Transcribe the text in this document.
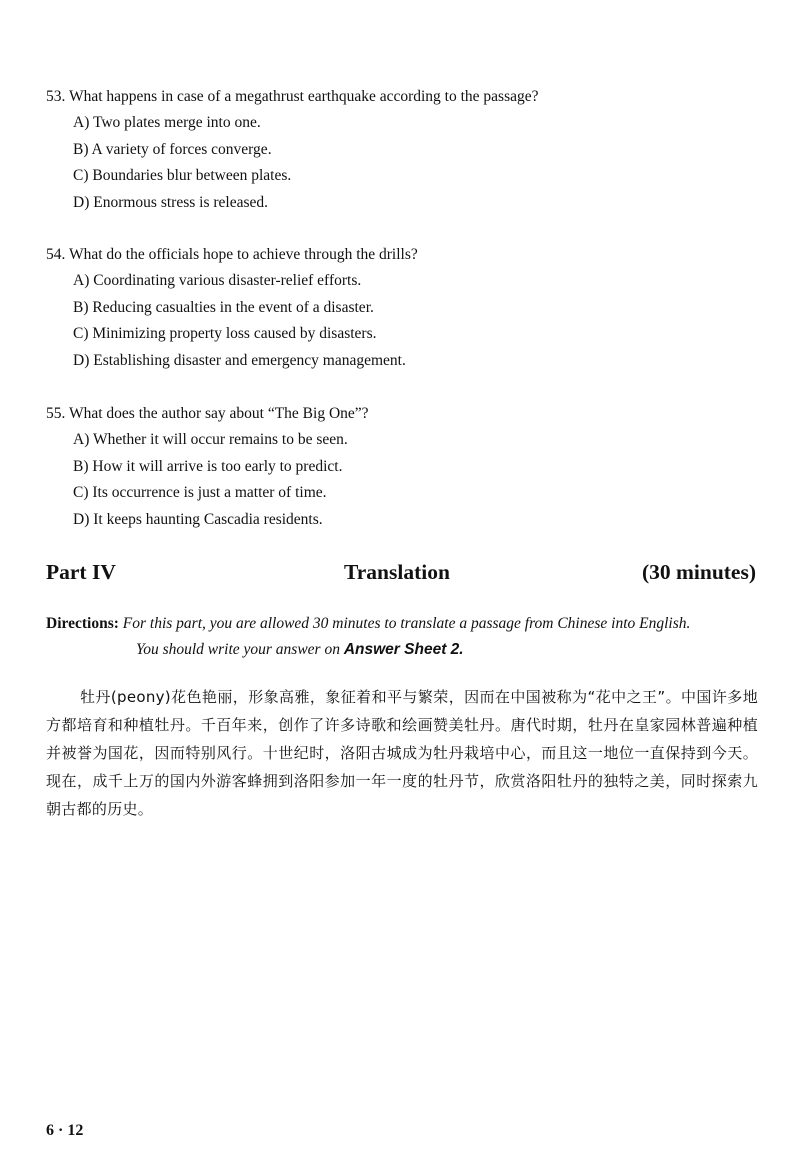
53. What happens in case of a megathrust earthquake according to the passage?
A) Two plates merge into one.
B) A variety of forces converge.
C) Boundaries blur between plates.
D) Enormous stress is released.
54. What do the officials hope to achieve through the drills?
A) Coordinating various disaster-relief efforts.
B) Reducing casualties in the event of a disaster.
C) Minimizing property loss caused by disasters.
D) Establishing disaster and emergency management.
55. What does the author say about “The Big One”?
A) Whether it will occur remains to be seen.
B) How it will arrive is too early to predict.
C) Its occurrence is just a matter of time.
D) It keeps haunting Cascadia residents.
Part IV	Translation	(30 minutes)
Directions: For this part, you are allowed 30 minutes to translate a passage from Chinese into English.
You should write your answer on Answer Sheet 2.
牡丹(peony)花色艳丽，形象高雅，象征着和平与繁荣，因而在中国被称为“花中之王”。中国许多地方都培育和种植牡丹。千百年来，创作了许多诗歌和绘画赞美牡丹。唐代时期，牡丹在皇家园林普遍种植并被誉为国花，因而特别风行。十世纪时，洛阳古城成为牡丹栽培中心，而且这一地位一直保持到今天。现在，成千上万的国内外游客蜂拥到洛阳参加一年一度的牡丹节，欣赏洛阳牡丹的独特之美，同时探索九朝古都的历史。
6 · 12
